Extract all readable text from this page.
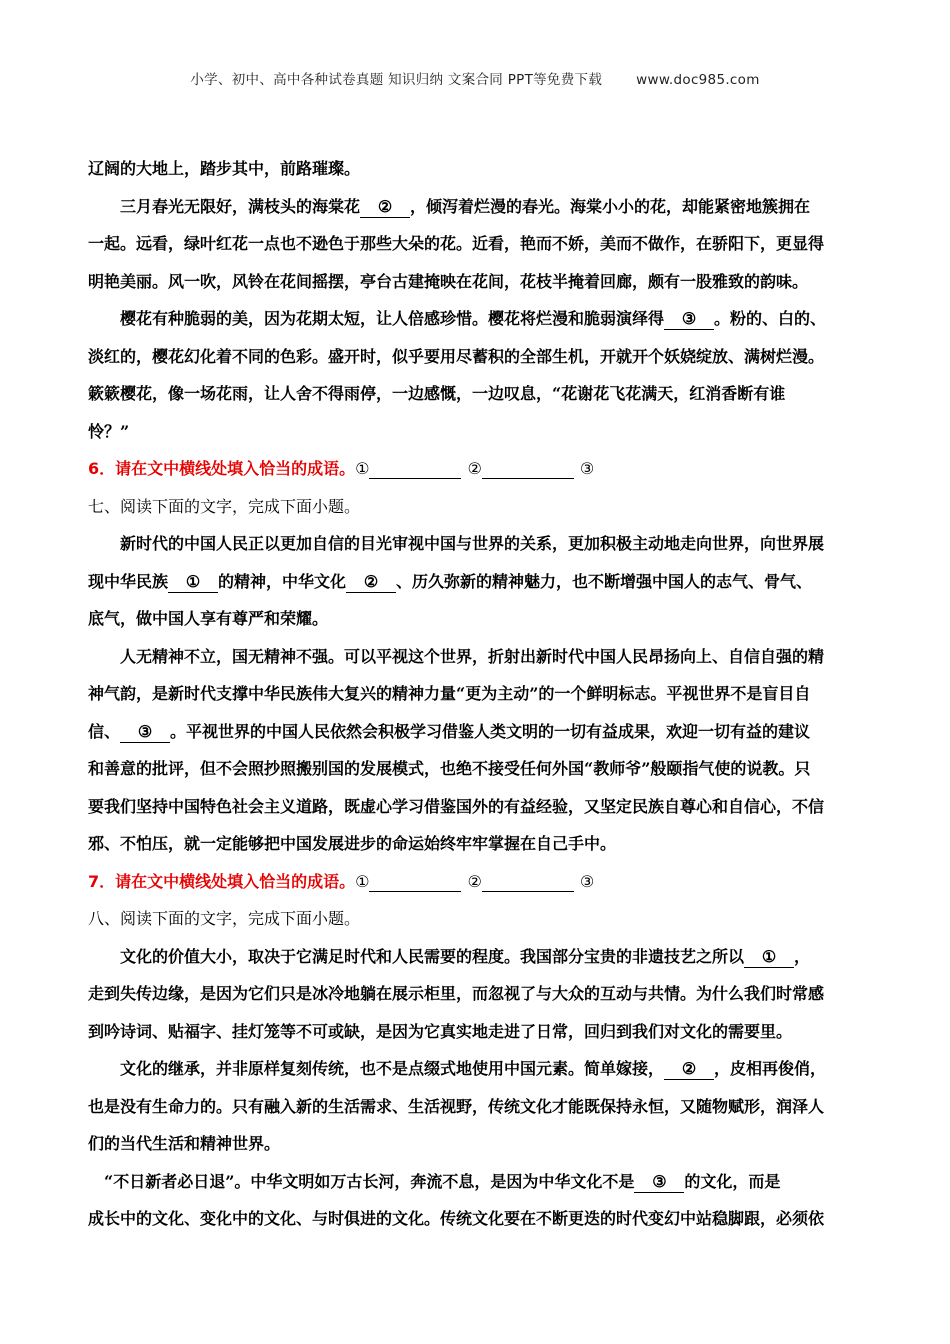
小学、初中、高中各种试卷真题 知识归纳 文案合同 PPT等免费下载	www.doc985.com
辽阔的大地上，踏步其中，前路璀璨。
三月春光无限好，满枝头的海棠花 ② ，倾泻着烂漫的春光。海棠小小的花，却能紧密地簇拥在
一起。远看，绿叶红花一点也不逊色于那些大朵的花。近看，艳而不娇，美而不做作，在骄阳下，更显得
明艳美丽。风一吹，风铃在花间摇摆，亭台古建掩映在花间，花枝半掩着回廊，颇有一股雅致的韵味。
樱花有种脆弱的美，因为花期太短，让人倍感珍惜。樱花将烂漫和脆弱演绎得 ③ 。粉的、白的、
淡红的，樱花幻化着不同的色彩。盛开时，似乎要用尽蓄积的全部生机，开就开个妖娆绽放、满树烂漫。
簌簌樱花，像一场花雨，让人舍不得雨停，一边感慨，一边叹息，“花谢花飞花满天，红消香断有谁
怜？”
6．请在文中横线处填入恰当的成语。①	②	③
七、阅读下面的文字，完成下面小题。
新时代的中国人民正以更加自信的目光审视中国与世界的关系，更加积极主动地走向世界，向世界展
现中华民族 ① 的精神，中华文化 ② 、历久弥新的精神魅力，也不断增强中国人的志气、骨气、
底气，做中国人享有尊严和荣耀。
人无精神不立，国无精神不强。可以平视这个世界，折射出新时代中国人民昂扬向上、自信自强的精
神气韵，是新时代支撑中华民族伟大复兴的精神力量“更为主动”的一个鲜明标志。平视世界不是盲目自
信、 ③ 。平视世界的中国人民依然会积极学习借鉴人类文明的一切有益成果，欢迎一切有益的建议
和善意的批评，但不会照抄照搬别国的发展模式，也绝不接受任何外国“教师爷”般颐指气使的说教。只
要我们坚持中国特色社会主义道路，既虚心学习借鉴国外的有益经验，又坚定民族自尊心和自信心，不信
邪、不怕压，就一定能够把中国发展进步的命运始终牢牢掌握在自己手中。
7．请在文中横线处填入恰当的成语。①	②	③
八、阅读下面的文字，完成下面小题。
文化的价值大小，取决于它满足时代和人民需要的程度。我国部分宝贵的非遗技艺之所以 ① ，
走到失传边缘，是因为它们只是冰冷地躺在展示柜里，而忽视了与大众的互动与共情。为什么我们时常感
到吟诗词、贴福字、挂灯笼等不可或缺，是因为它真实地走进了日常，回归到我们对文化的需要里。
文化的继承，并非原样复刻传统，也不是点缀式地使用中国元素。简单嫁接， ② ，皮相再俊俏，
也是没有生命力的。只有融入新的生活需求、生活视野，传统文化才能既保持永恒，又随物赋形，润泽人
们的当代生活和精神世界。
“不日新者必日退”。中华文明如万古长河，奔流不息，是因为中华文化不是 ③ 的文化，而是
成长中的文化、变化中的文化、与时俱进的文化。传统文化要在不断更迭的时代变幻中站稳脚跟，必须依
